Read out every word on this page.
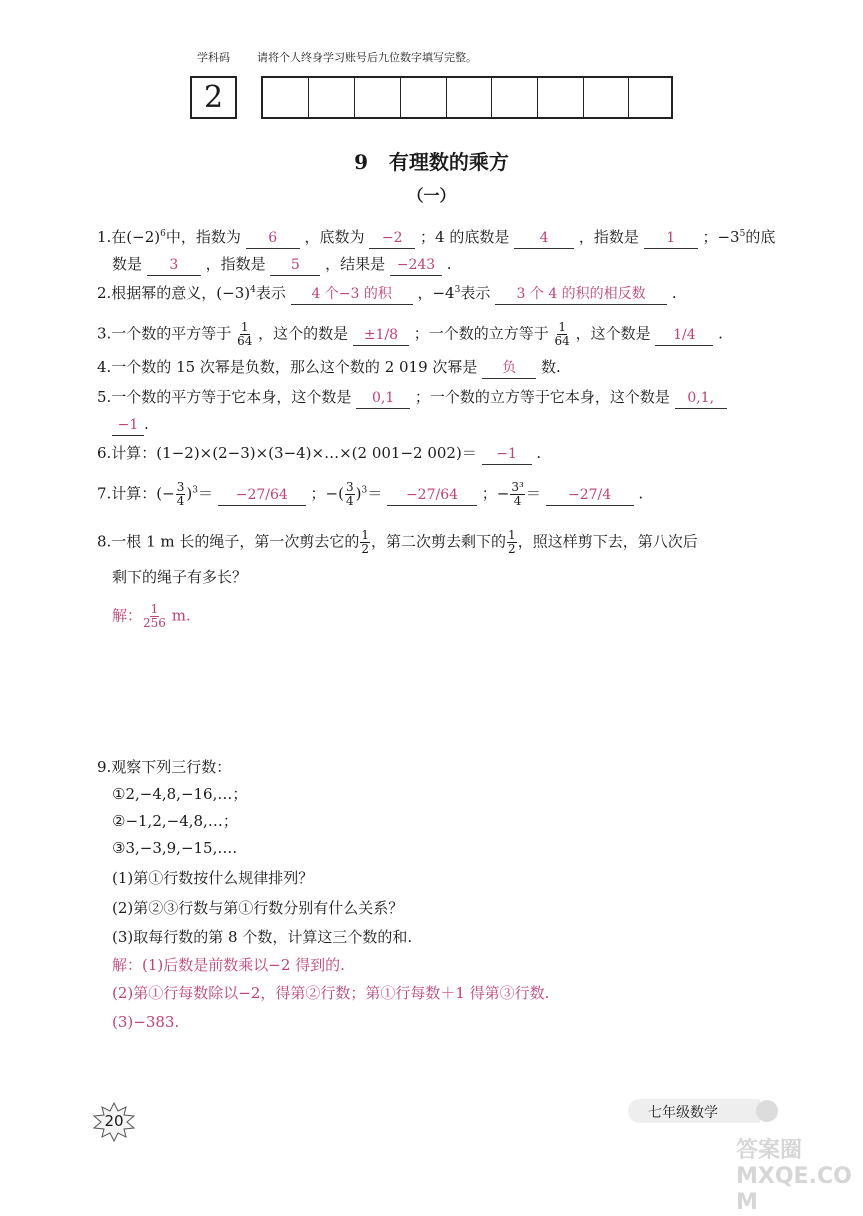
学科码 请将个人终身学习账号后九位数字填写完整。
2
9 有理数的乘方
（一）
1.在$(-2)^6$中，指数为 6 ，底数为 −2 ；4 的底数是 4 ，指数是 1 ；$-3^5$的底
数是 3 ，指数是 5 ，结果是 −243 .
2.根据幂的意义，$(-3)^4$表示 4 个−3 的积 ，$-4^3$表示 3 个 4 的积的相反数 .
3.一个数的平方等于 $\frac{1}{64}$ ，这个的数是 ±1/8 ；一个数的立方等于 $\frac{1}{64}$ ，这个数是 1/4 .
4.一个数的 15 次幂是负数，那么这个数的 2 019 次幂是 负 数.
5.一个数的平方等于它本身，这个数是 0,1 ；一个数的立方等于它本身，这个数是 0,1,
−1 .
6.计算：(1−2)×(2−3)×(3−4)×…×(2 001−2 002)＝ −1 .
7.计算：(− $\frac{3}{4} )^3= -27/64$ ；−( $\frac{3}{4} )^3= -27/64$ ；− $\frac{\text{3³}}{4} = -27/4$ .
8.一根 1 m 长的绳子，第一次剪去它的 $\frac{1}{2}$ ，第二次剪去剩下的 $\frac{1}{2}$ ，照这样剪下去，第八次后
剩下的绳子有多长？
解： $\frac{1}{256} m$.
9.观察下列三行数：
①2,−4,8,−16,…；
②−1,2,−4,8,…；
③3,−3,9,−15,….
(1)第①行数按什么规律排列？
(2)第②③行数与第①行数分别有什么关系？
(3)取每行数的第 8 个数，计算这三个数的和.
解：(1)后数是前数乘以−2 得到的.
(2)第①行每数除以−2，得第②行数；第①行每数＋1 得第③行数.
(3)−383.
20	七年级数学
答案圈 MXQE.COM
